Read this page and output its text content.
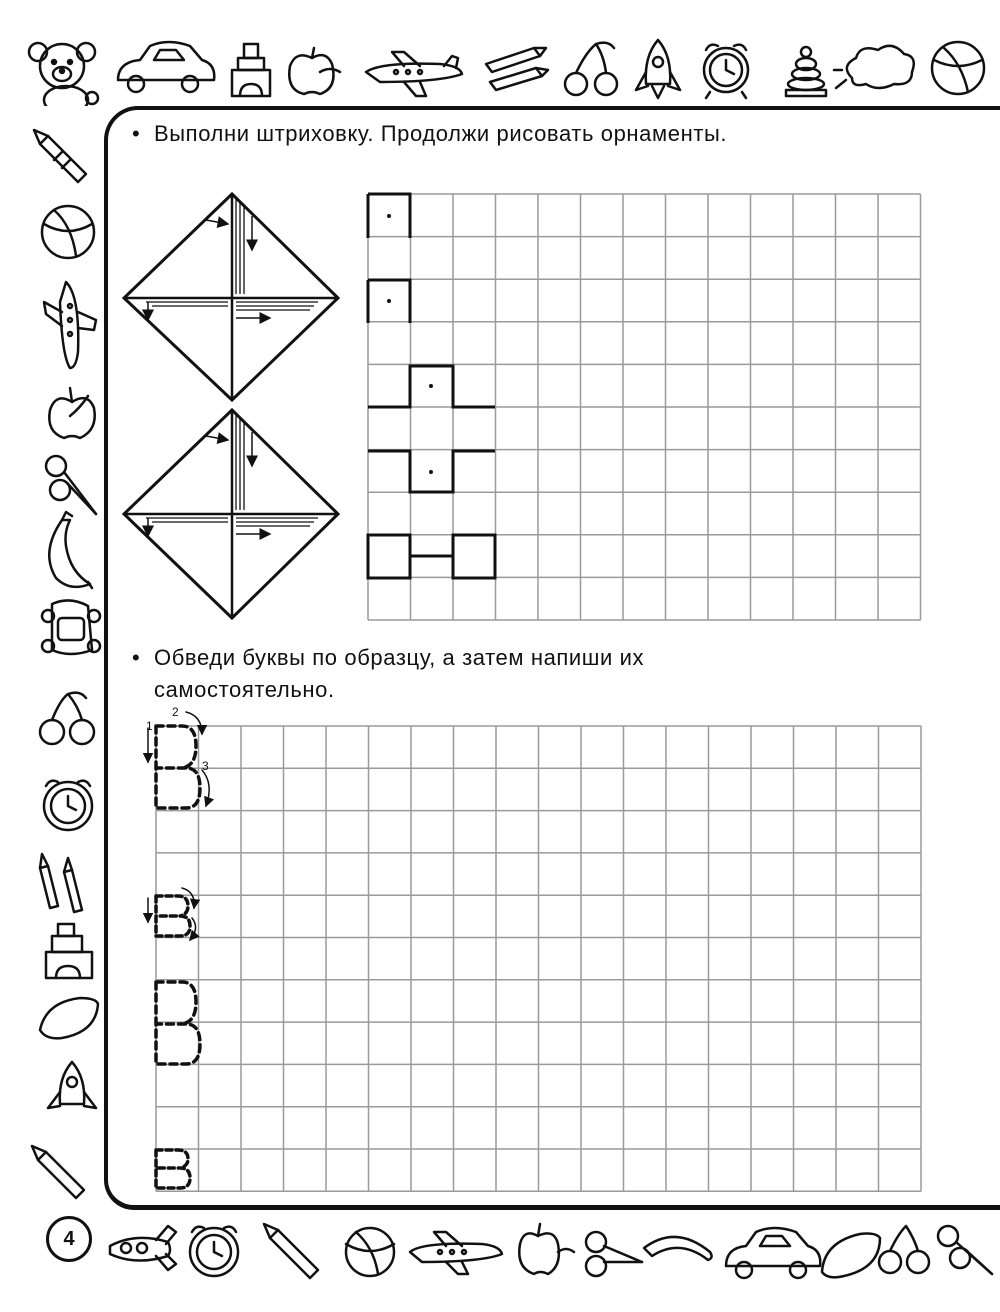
4

• Выполни штриховку. Продолжи рисовать орнаменты.

• Обведи буквы по образцу, а затем напиши их
самостоятельно.

1
2
3
